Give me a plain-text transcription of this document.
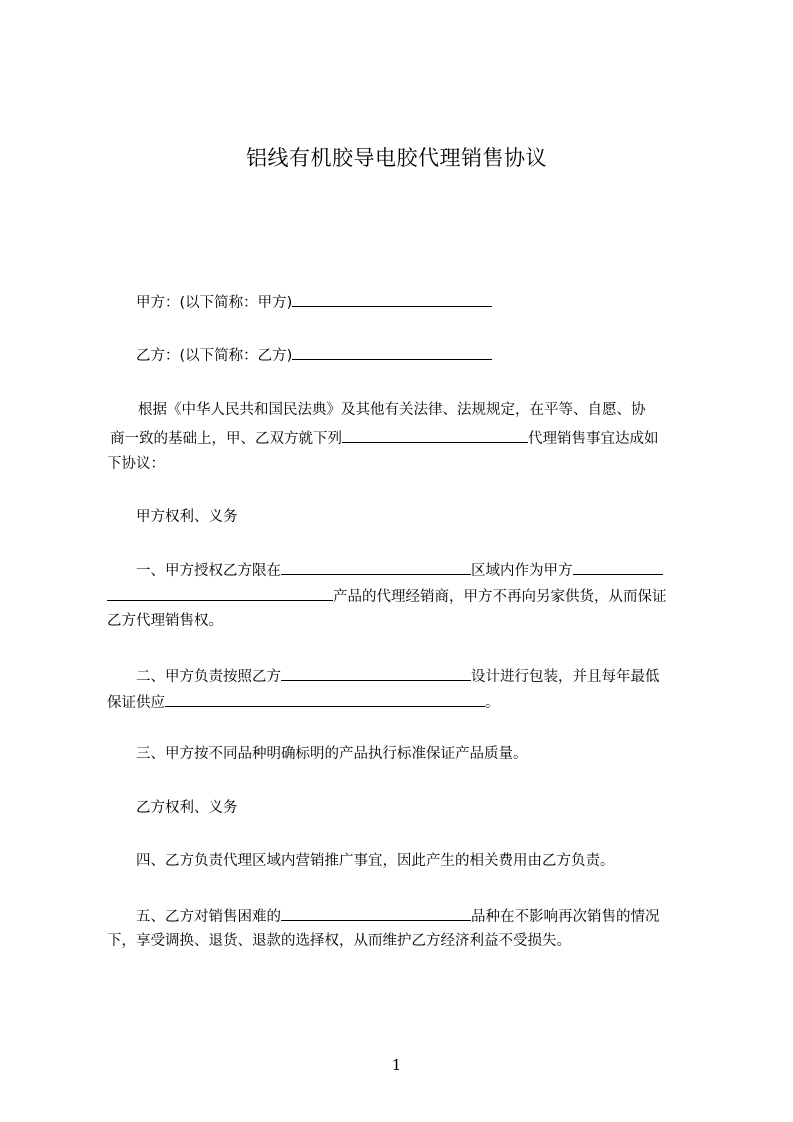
铝线有机胶导电胶代理销售协议
甲方：(以下简称：甲方)
乙方：(以下简称：乙方)
根据《中华人民共和国民法典》及其他有关法律、法规规定，在平等、自愿、协
商一致的基础上，甲、乙双方就下列	代理销售事宜达成如
下协议：
甲方权利、义务
一、甲方授权乙方限在	区域内作为甲方
产品的代理经销商，甲方不再向另家供货，从而保证
乙方代理销售权。
二、甲方负责按照乙方	设计进行包装，并且每年最低
保证供应	。
三、甲方按不同品种明确标明的产品执行标准保证产品质量。
乙方权利、义务
四、乙方负责代理区域内营销推广事宜，因此产生的相关费用由乙方负责。
五、乙方对销售困难的	品种在不影响再次销售的情况
下，享受调换、退货、退款的选择权，从而维护乙方经济利益不受损失。
1
